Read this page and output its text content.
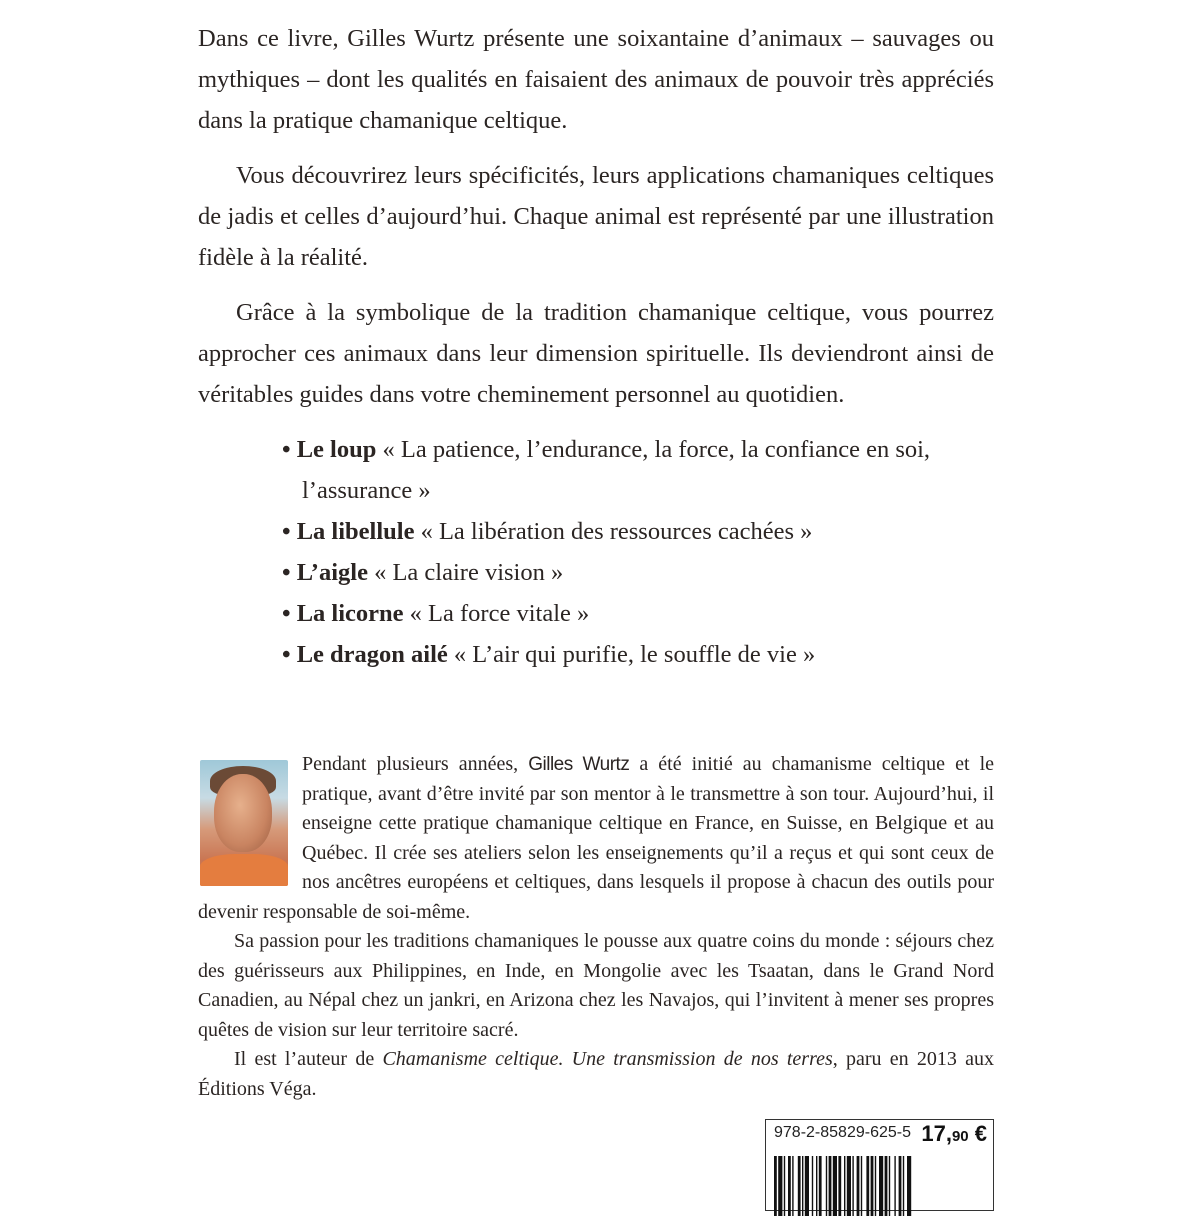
Dans ce livre, Gilles Wurtz présente une soixantaine d’animaux – sauvages ou mythiques – dont les qualités en faisaient des animaux de pouvoir très appréciés dans la pratique chamanique celtique.

Vous découvrirez leurs spécificités, leurs applications chamaniques celtiques de jadis et celles d’aujourd’hui. Chaque animal est représenté par une illustration fidèle à la réalité.

Grâce à la symbolique de la tradition chamanique celtique, vous pourrez approcher ces animaux dans leur dimension spirituelle. Ils deviendront ainsi de véritables guides dans votre cheminement personnel au quotidien.

• Le loup « La patience, l’endurance, la force, la confiance en soi, l’assurance »
• La libellule « La libération des ressources cachées »
• L’aigle « La claire vision »
• La licorne « La force vitale »
• Le dragon ailé « L’air qui purifie, le souffle de vie »

Pendant plusieurs années, Gilles Wurtz a été initié au chamanisme celtique et le pratique, avant d’être invité par son mentor à le transmettre à son tour. Aujourd’hui, il enseigne cette pratique chamanique celtique en France, en Suisse, en Belgique et au Québec. Il crée ses ateliers selon les enseignements qu’il a reçus et qui sont ceux de nos ancêtres européens et celtiques, dans lesquels il propose à chacun des outils pour devenir responsable de soi-même.

Sa passion pour les traditions chamaniques le pousse aux quatre coins du monde : séjours chez des guérisseurs aux Philippines, en Inde, en Mongolie avec les Tsaatan, dans le Grand Nord Canadien, au Népal chez un jankri, en Arizona chez les Navajos, qui l’invitent à mener ses propres quêtes de vision sur leur territoire sacré.

Il est l’auteur de Chamanisme celtique. Une transmission de nos terres, paru en 2013 aux Éditions Véga.

978-2-85829-625-5 17,90 €
